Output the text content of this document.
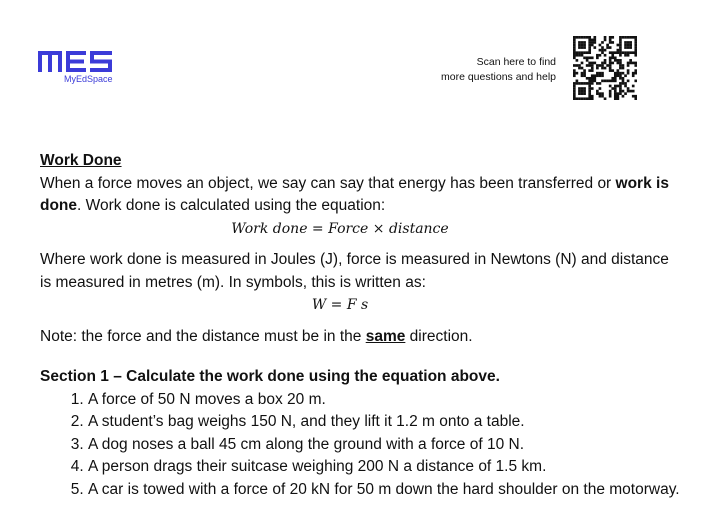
MyEdSpace
Scan here to find
more questions and help

Work Done

When a force moves an object, we say can say that energy has been transferred or work is done. Work done is calculated using the equation:

Work done = Force × distance

Where work done is measured in Joules (J), force is measured in Newtons (N) and distance is measured in metres (m). In symbols, this is written as:

W = F s

Note: the force and the distance must be in the same direction.

Section 1 – Calculate the work done using the equation above.

1. A force of 50 N moves a box 20 m.
2. A student’s bag weighs 150 N, and they lift it 1.2 m onto a table.
3. A dog noses a ball 45 cm along the ground with a force of 10 N.
4. A person drags their suitcase weighing 200 N a distance of 1.5 km.
5. A car is towed with a force of 20 kN for 50 m down the hard shoulder on the motorway.
